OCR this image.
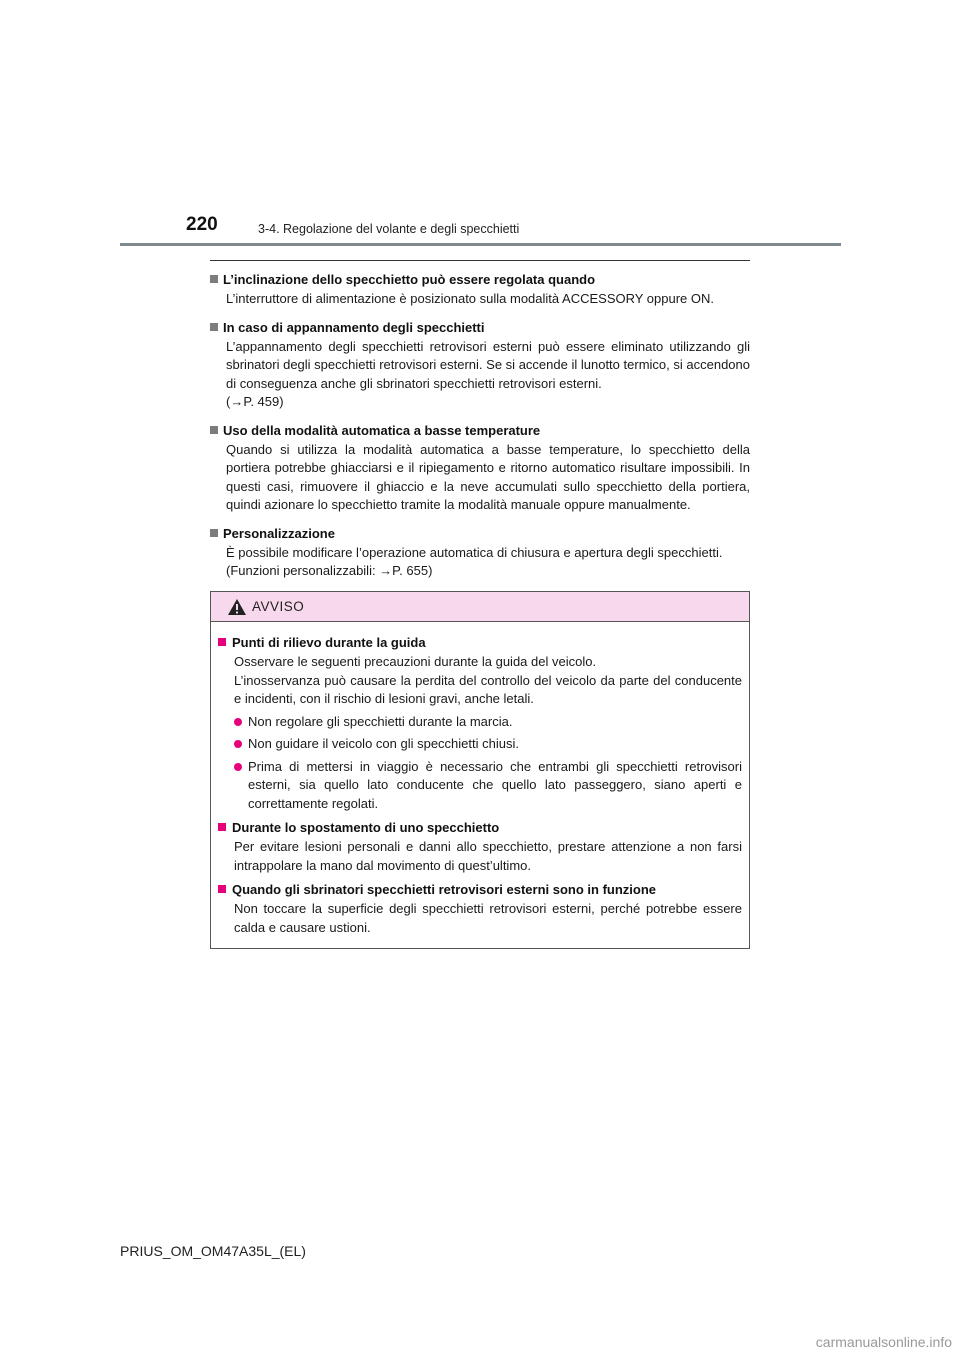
220	3-4. Regolazione del volante e degli specchietti
L’inclinazione dello specchietto può essere regolata quando
L’interruttore di alimentazione è posizionato sulla modalità ACCESSORY oppure ON.
In caso di appannamento degli specchietti
L’appannamento degli specchietti retrovisori esterni può essere eliminato utilizzando gli sbrinatori degli specchietti retrovisori esterni. Se si accende il lunotto termico, si accendono di conseguenza anche gli sbrinatori specchietti retrovisori esterni.
(→P. 459)
Uso della modalità automatica a basse temperature
Quando si utilizza la modalità automatica a basse temperature, lo specchietto della portiera potrebbe ghiacciarsi e il ripiegamento e ritorno automatico risultare impossibili. In questi casi, rimuovere il ghiaccio e la neve accumulati sullo specchietto della portiera, quindi azionare lo specchietto tramite la modalità manuale oppure manualmente.
Personalizzazione
È possibile modificare l’operazione automatica di chiusura e apertura degli specchietti.
(Funzioni personalizzabili: →P. 655)
AVVISO
Punti di rilievo durante la guida
Osservare le seguenti precauzioni durante la guida del veicolo.
L’inosservanza può causare la perdita del controllo del veicolo da parte del conducente e incidenti, con il rischio di lesioni gravi, anche letali.
Non regolare gli specchietti durante la marcia.
Non guidare il veicolo con gli specchietti chiusi.
Prima di mettersi in viaggio è necessario che entrambi gli specchietti retrovisori esterni, sia quello lato conducente che quello lato passeggero, siano aperti e correttamente regolati.
Durante lo spostamento di uno specchietto
Per evitare lesioni personali e danni allo specchietto, prestare attenzione a non farsi intrappolare la mano dal movimento di quest’ultimo.
Quando gli sbrinatori specchietti retrovisori esterni sono in funzione
Non toccare la superficie degli specchietti retrovisori esterni, perché potrebbe essere calda e causare ustioni.
PRIUS_OM_OM47A35L_(EL)
carmanualsonline.info
